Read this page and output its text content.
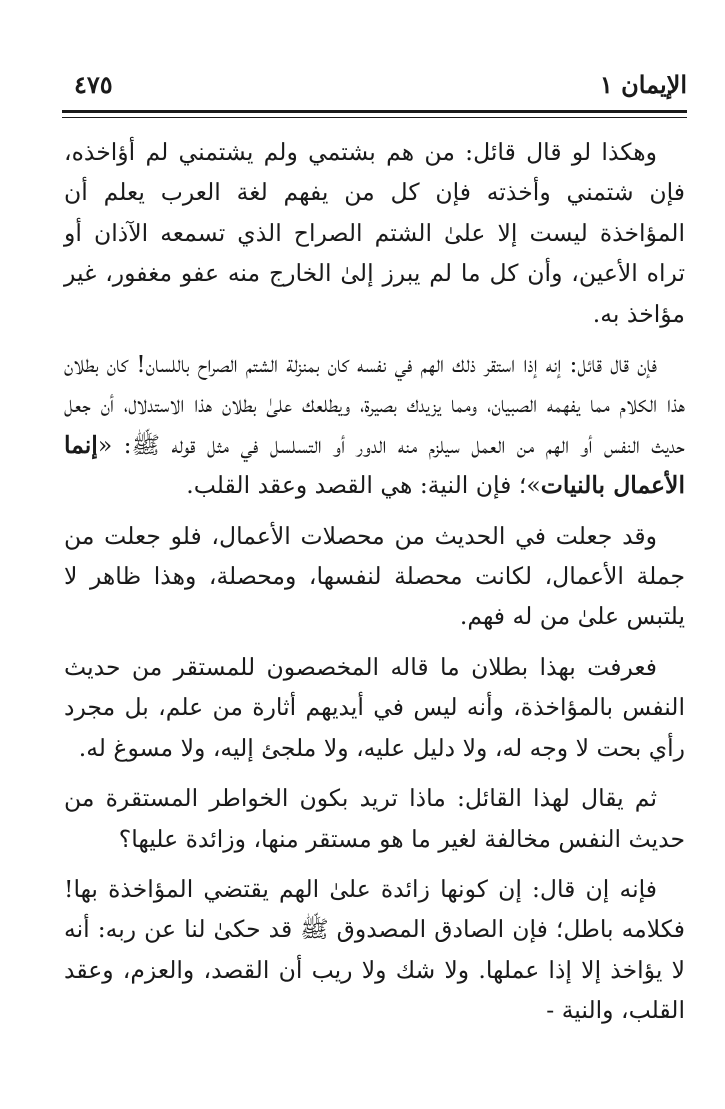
الإيمان ١
٤٧٥

وهكذا لو قال قائل: من هم بشتمي ولم يشتمني لم أؤاخذه، فإن شتمني وأخذته فإن كل من يفهم لغة العرب يعلم أن المؤاخذة ليست إلا علىٰ الشتم الصراح الذي تسمعه الآذان أو تراه الأعين، وأن كل ما لم يبرز إلىٰ الخارج منه عفو مغفور، غير مؤاخذ به.

فإن قال قائل: إنه إذا استقر ذلك الهم في نفسه كان بمنزلة الشتم الصراح باللسان! كان بطلان هذا الكلام مما يفهمه الصبيان، ومما يزيدك بصيرة، ويطلعك علىٰ بطلان هذا الاستدلال، أن جعل حديث النفس أو الهم من العمل سيلزم منه الدور أو التسلسل في مثل قوله ﷺ: «إنما الأعمال بالنيات»؛ فإن النية: هي القصد وعقد القلب.

وقد جعلت في الحديث من محصلات الأعمال، فلو جعلت من جملة الأعمال، لكانت محصلة لنفسها، ومحصلة، وهذا ظاهر لا يلتبس علىٰ من له فهم.

فعرفت بهذا بطلان ما قاله المخصصون للمستقر من حديث النفس بالمؤاخذة، وأنه ليس في أيديهم أثارة من علم، بل مجرد رأي بحت لا وجه له، ولا دليل عليه، ولا ملجئ إليه، ولا مسوغ له.

ثم يقال لهذا القائل: ماذا تريد بكون الخواطر المستقرة من حديث النفس مخالفة لغير ما هو مستقر منها، وزائدة عليها؟

فإنه إن قال: إن كونها زائدة علىٰ الهم يقتضي المؤاخذة بها! فكلامه باطل؛ فإن الصادق المصدوق ﷺ قد حكىٰ لنا عن ربه: أنه لا يؤاخذ إلا إذا عملها. ولا شك ولا ريب أن القصد، والعزم، وعقد القلب، والنية -
